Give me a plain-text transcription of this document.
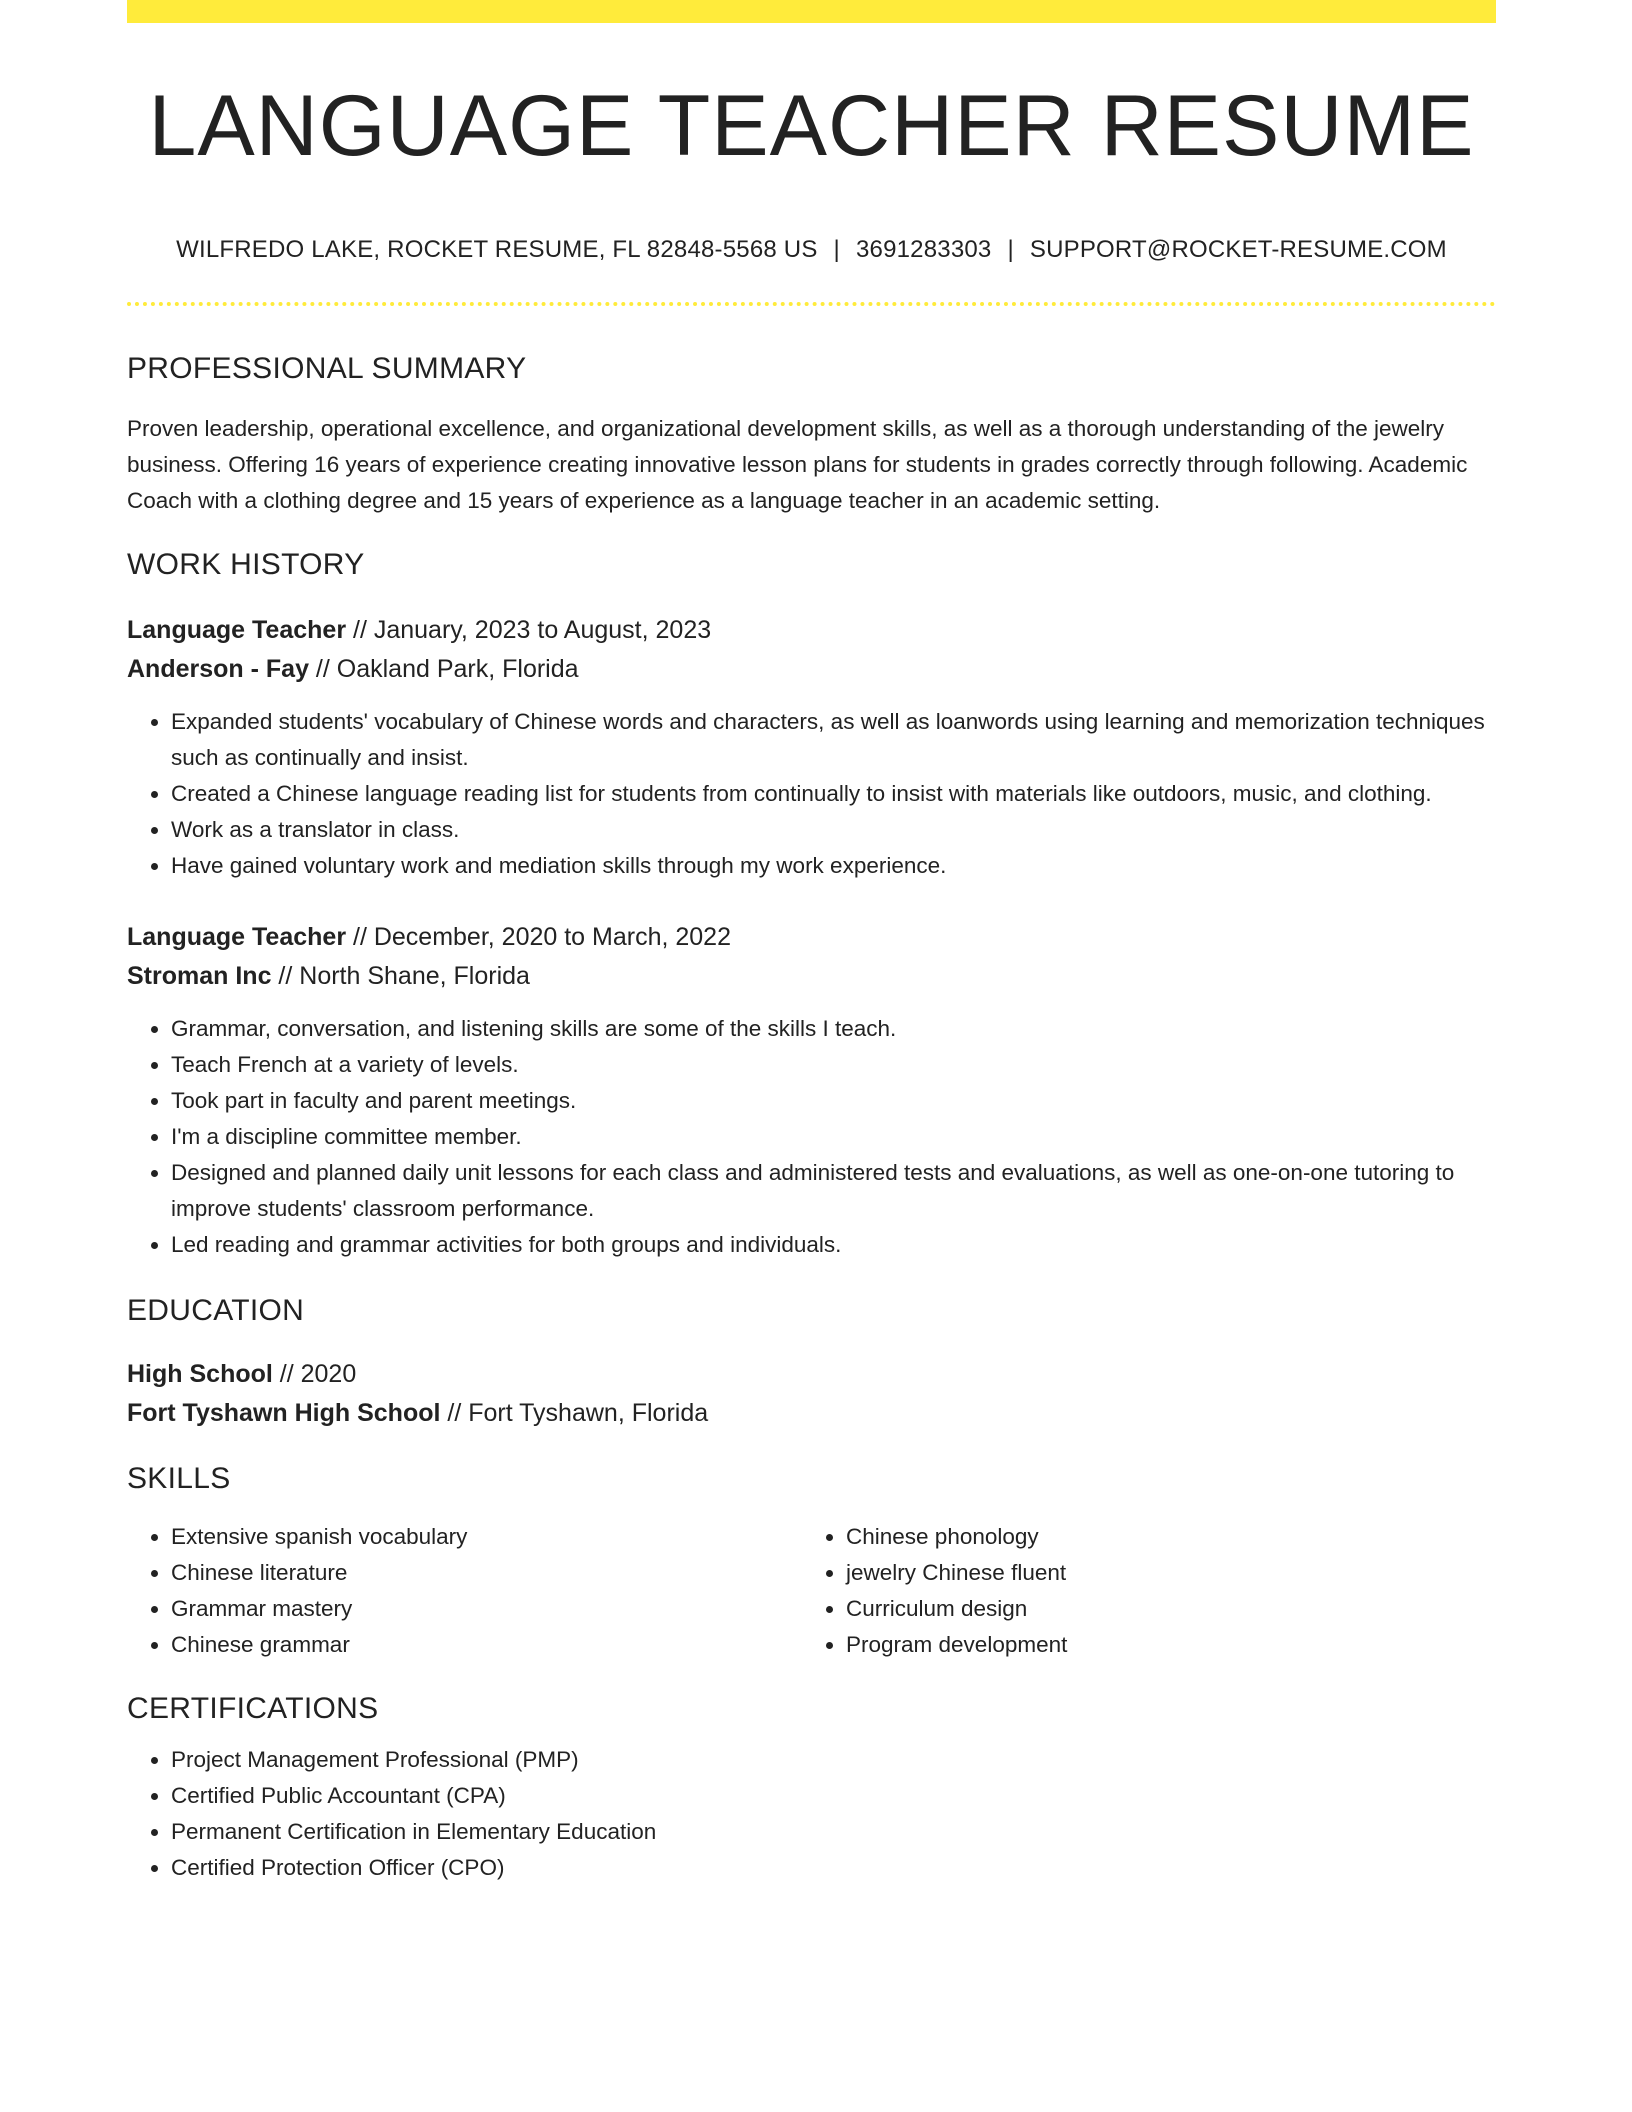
LANGUAGE TEACHER RESUME
WILFREDO LAKE, ROCKET RESUME, FL 82848-5568 US | 3691283303 | SUPPORT@ROCKET-RESUME.COM
PROFESSIONAL SUMMARY
Proven leadership, operational excellence, and organizational development skills, as well as a thorough understanding of the jewelry business. Offering 16 years of experience creating innovative lesson plans for students in grades correctly through following. Academic Coach with a clothing degree and 15 years of experience as a language teacher in an academic setting.
WORK HISTORY
Language Teacher // January, 2023 to August, 2023
Anderson - Fay // Oakland Park, Florida
• Expanded students' vocabulary of Chinese words and characters, as well as loanwords using learning and memorization techniques such as continually and insist.
• Created a Chinese language reading list for students from continually to insist with materials like outdoors, music, and clothing.
• Work as a translator in class.
• Have gained voluntary work and mediation skills through my work experience.
Language Teacher // December, 2020 to March, 2022
Stroman Inc // North Shane, Florida
• Grammar, conversation, and listening skills are some of the skills I teach.
• Teach French at a variety of levels.
• Took part in faculty and parent meetings.
• I'm a discipline committee member.
• Designed and planned daily unit lessons for each class and administered tests and evaluations, as well as one-on-one tutoring to improve students' classroom performance.
• Led reading and grammar activities for both groups and individuals.
EDUCATION
High School // 2020
Fort Tyshawn High School // Fort Tyshawn, Florida
SKILLS
• Extensive spanish vocabulary
• Chinese literature
• Grammar mastery
• Chinese grammar
• Chinese phonology
• jewelry Chinese fluent
• Curriculum design
• Program development
CERTIFICATIONS
• Project Management Professional (PMP)
• Certified Public Accountant (CPA)
• Permanent Certification in Elementary Education
• Certified Protection Officer (CPO)
